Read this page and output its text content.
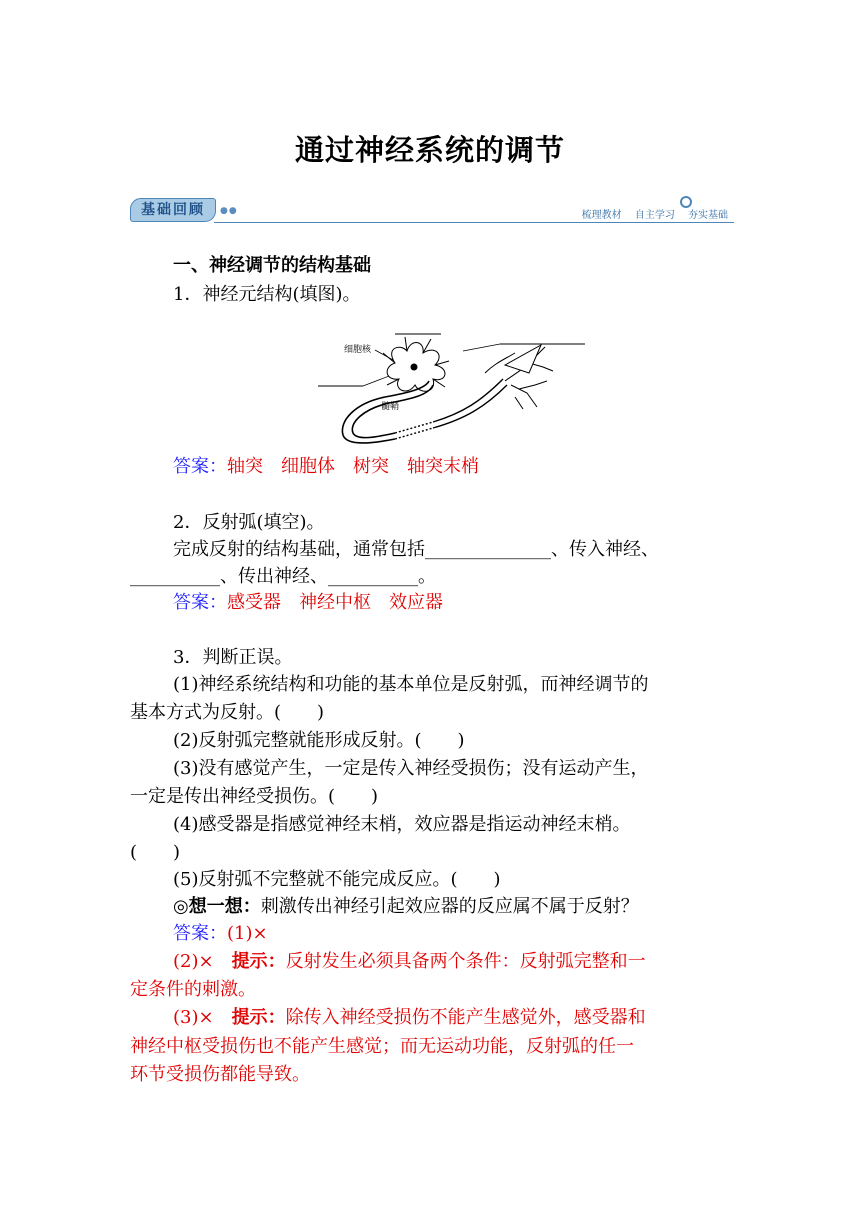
通过神经系统的调节
基础回顾	●●	梳理教材 自主学习 夯实基础
一、神经调节的结构基础
1．神经元结构(填图)。
细胞核
髓鞘
答案：轴突　细胞体　树突　轴突末梢
2．反射弧(填空)。
完成反射的结构基础，通常包括______________、传入神经、
__________、传出神经、__________。
答案：感受器　神经中枢　效应器
3．判断正误。
(1)神经系统结构和功能的基本单位是反射弧，而神经调节的
基本方式为反射。(　　)
(2)反射弧完整就能形成反射。(　　)
(3)没有感觉产生，一定是传入神经受损伤；没有运动产生，
一定是传出神经受损伤。(　　)
(4)感受器是指感觉神经末梢，效应器是指运动神经末梢。
(　　)
(5)反射弧不完整就不能完成反应。(　　)
◎想一想：刺激传出神经引起效应器的反应属不属于反射？
答案：(1)×
(2)×　提示：反射发生必须具备两个条件：反射弧完整和一
定条件的刺激。
(3)×　提示：除传入神经受损伤不能产生感觉外，感受器和
神经中枢受损伤也不能产生感觉；而无运动功能，反射弧的任一
环节受损伤都能导致。
